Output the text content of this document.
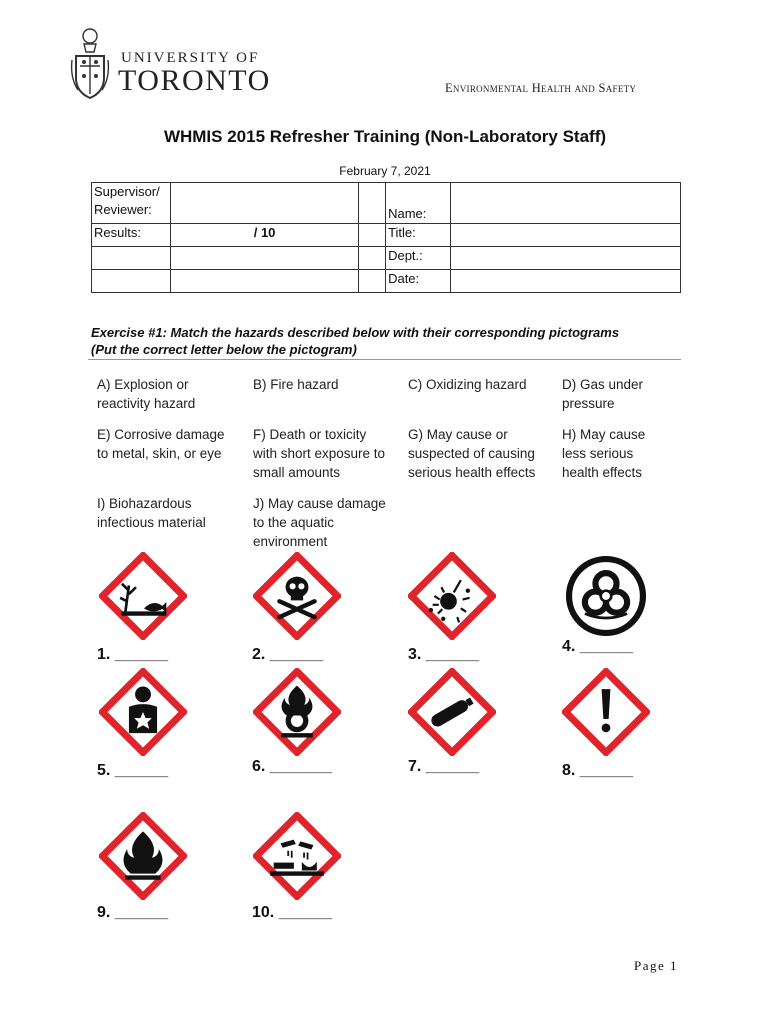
UNIVERSITY OF
TORONTO	Environmental Health and Safety
WHMIS 2015 Refresher Training (Non-Laboratory Staff)
February 7, 2021
Supervisor/
Reviewer:			Name:	

Results:	/ 10		Title:	

			Dept.:	

			Date:	

Exercise #1: Match the hazards described below with their corresponding pictograms
(Put the correct letter below the pictogram)
A) Explosion or
reactivity hazard
B) Fire hazard	C) Oxidizing hazard	D) Gas under
pressure
E) Corrosive damage
to metal, skin, or eye
F) Death or toxicity
with short exposure to
small amounts
G) May cause or
suspected of causing
serious health effects
H) May cause
less serious
health effects
I) Biohazardous
infectious material
J) May cause damage
to the aquatic
environment
1. ______	2. ______	3. ______	4. ______
5. ______	6. _______	7. ______	8. ______
9. ______	10. ______
Page 1
